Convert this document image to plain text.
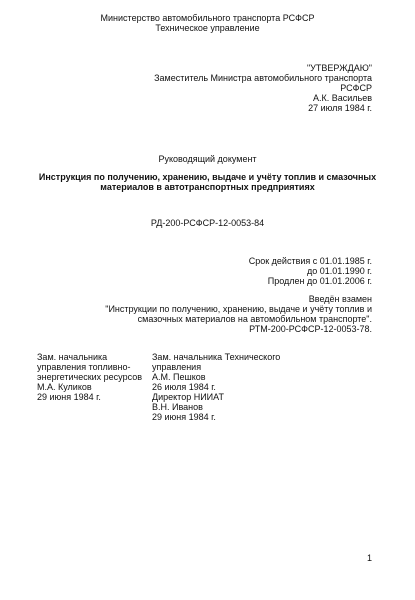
Министерство автомобильного транспорта РСФСР
Техническое управление
"УТВЕРЖДАЮ"
Заместитель Министра автомобильного транспорта
РСФСР
А.К. Васильев
27 июля 1984 г.
Руководящий документ
Инструкция по получению, хранению, выдаче и учёту топлив и смазочных
материалов в автотранспортных предприятиях
РД-200-РСФСР-12-0053-84
Срок действия с 01.01.1985 г.
до 01.01.1990 г.
Продлен до 01.01.2006 г.
Введён взамен
"Инструкции по получению, хранению, выдаче и учёту топлив и
смазочных материалов на автомобильном транспорте".
РТМ-200-РСФСР-12-0053-78.
Зам. начальника
управления топливно-
энергетических ресурсов
М.А. Куликов
29 июня 1984 г.
Зам. начальника Технического
управления
А.М. Пешков
26 июля 1984 г.
Директор НИИАТ
В.Н. Иванов
29 июня 1984 г.
1
